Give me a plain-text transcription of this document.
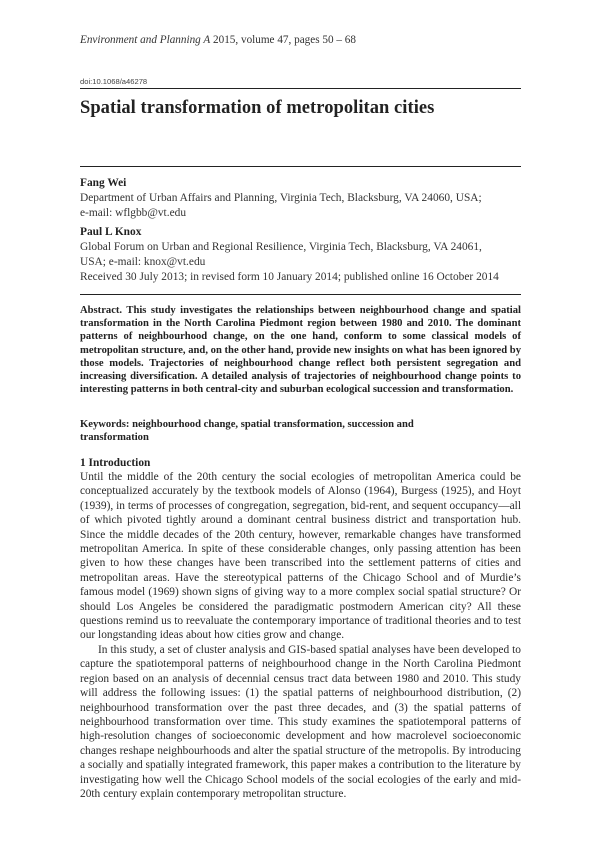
Environment and Planning A 2015, volume 47, pages 50 – 68
doi:10.1068/a46278
Spatial transformation of metropolitan cities
Fang Wei
Department of Urban Affairs and Planning, Virginia Tech, Blacksburg, VA 24060, USA;
e-mail: wflgbb@vt.edu
Paul L Knox
Global Forum on Urban and Regional Resilience, Virginia Tech, Blacksburg, VA 24061,
USA; e-mail: knox@vt.edu
Received 30 July 2013; in revised form 10 January 2014; published online 16 October 2014
Abstract. This study investigates the relationships between neighbourhood change and spatial transformation in the North Carolina Piedmont region between 1980 and 2010. The dominant patterns of neighbourhood change, on the one hand, conform to some classical models of metropolitan structure, and, on the other hand, provide new insights on what has been ignored by those models. Trajectories of neighbourhood change reflect both persistent segregation and increasing diversification. A detailed analysis of trajectories of neighbourhood change points to interesting patterns in both central-city and suburban ecological succession and transformation.
Keywords: neighbourhood change, spatial transformation, succession and transformation
1 Introduction

Until the middle of the 20th century the social ecologies of metropolitan America could be conceptualized accurately by the textbook models of Alonso (1964), Burgess (1925), and Hoyt (1939), in terms of processes of congregation, segregation, bid-rent, and sequent occupancy—all of which pivoted tightly around a dominant central business district and transportation hub. Since the middle decades of the 20th century, however, remarkable changes have transformed metropolitan America. In spite of these considerable changes, only passing attention has been given to how these changes have been transcribed into the settlement patterns of cities and metropolitan areas. Have the stereotypical patterns of the Chicago School and of Murdie’s famous model (1969) shown signs of giving way to a more complex social spatial structure? Or should Los Angeles be considered the paradigmatic postmodern American city? All these questions remind us to reevaluate the contemporary importance of traditional theories and to test our longstanding ideas about how cities grow and change.

In this study, a set of cluster analysis and GIS-based spatial analyses have been developed to capture the spatiotemporal patterns of neighbourhood change in the North Carolina Piedmont region based on an analysis of decennial census tract data between 1980 and 2010. This study will address the following issues: (1) the spatial patterns of neighbourhood distribution, (2) neighbourhood transformation over the past three decades, and (3) the spatial patterns of neighbourhood transformation over time. This study examines the spatiotemporal patterns of high-resolution changes of socioeconomic development and how macrolevel socioeconomic changes reshape neighbourhoods and alter the spatial structure of the metropolis. By introducing a socially and spatially integrated framework, this paper makes a contribution to the literature by investigating how well the Chicago School models of the social ecologies of the early and mid-20th century explain contemporary metropolitan structure.
